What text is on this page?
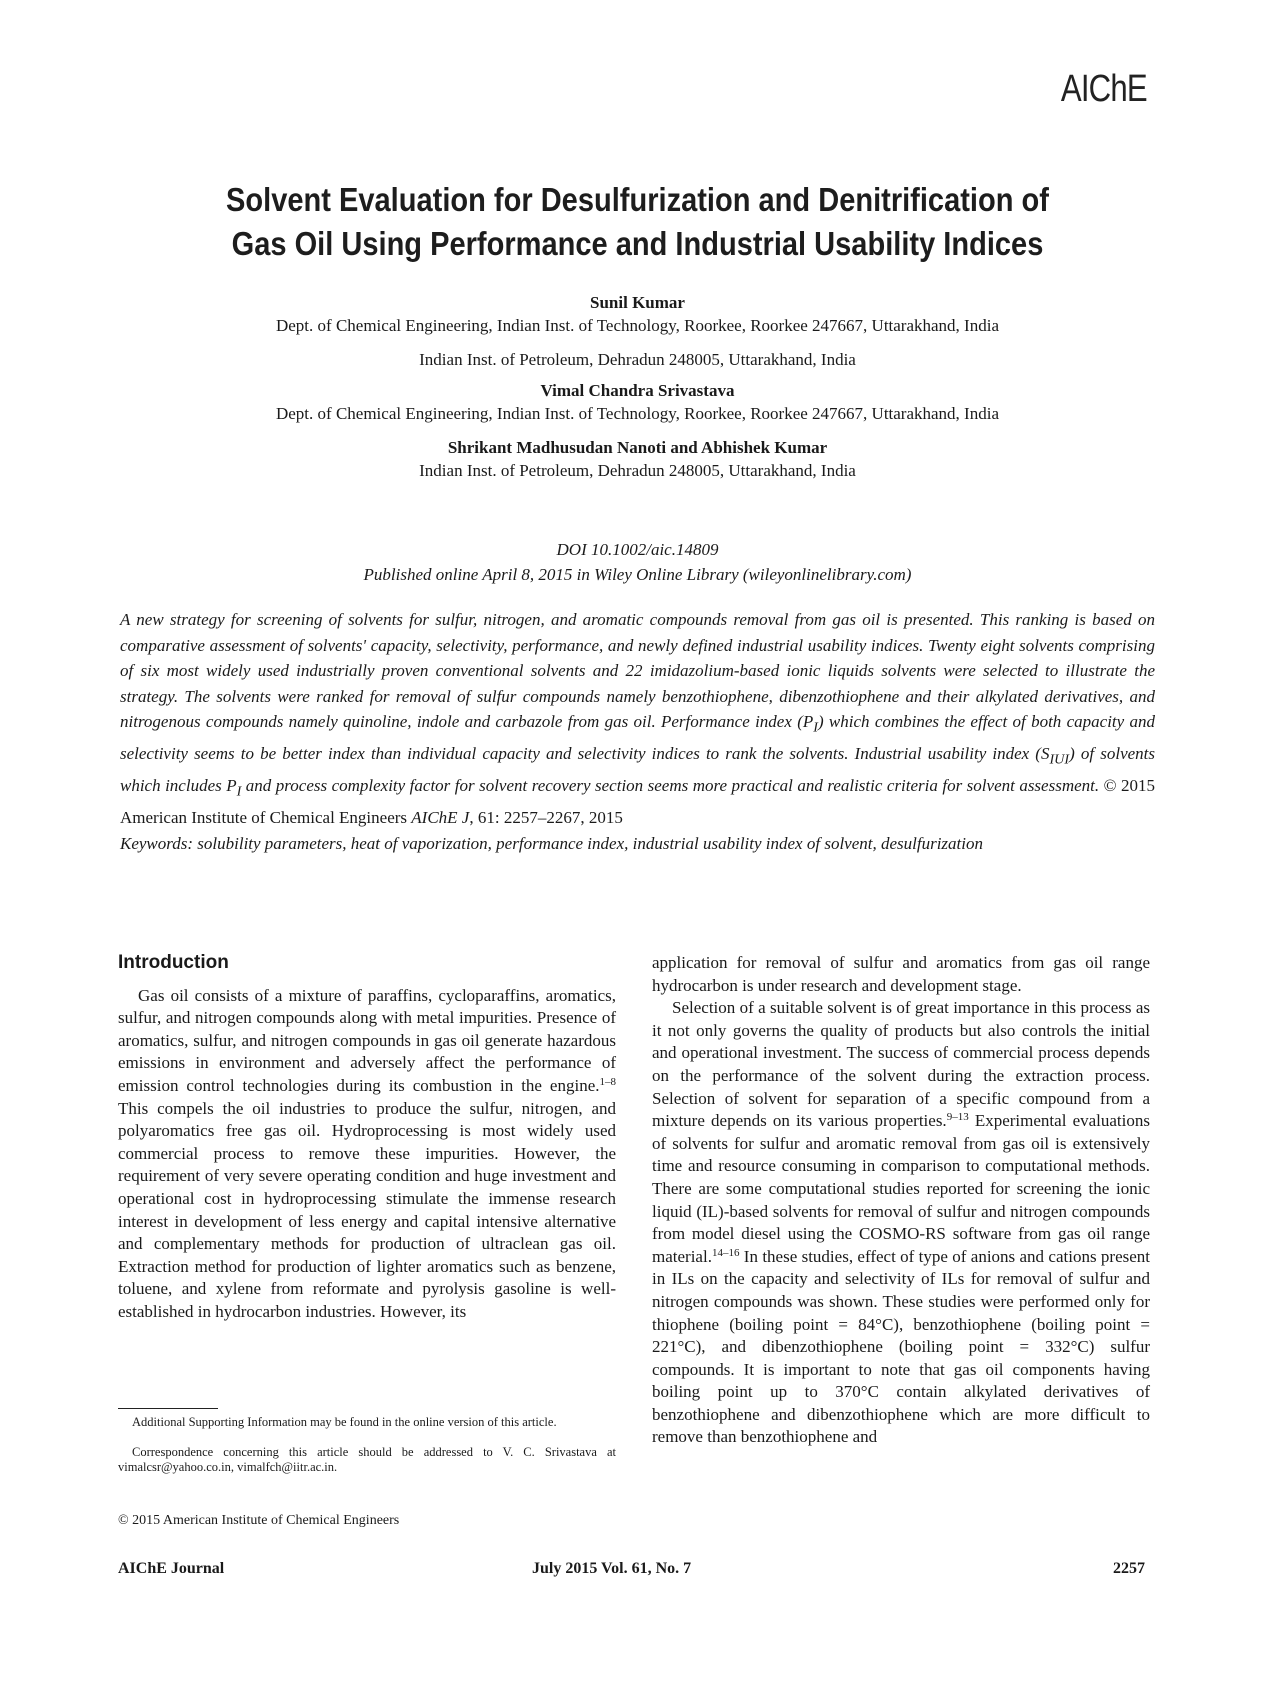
AIChE
Solvent Evaluation for Desulfurization and Denitrification of
Gas Oil Using Performance and Industrial Usability Indices
Sunil Kumar
Dept. of Chemical Engineering, Indian Inst. of Technology, Roorkee, Roorkee 247667, Uttarakhand, India
Indian Inst. of Petroleum, Dehradun 248005, Uttarakhand, India
Vimal Chandra Srivastava
Dept. of Chemical Engineering, Indian Inst. of Technology, Roorkee, Roorkee 247667, Uttarakhand, India
Shrikant Madhusudan Nanoti and Abhishek Kumar
Indian Inst. of Petroleum, Dehradun 248005, Uttarakhand, India
DOI 10.1002/aic.14809
Published online April 8, 2015 in Wiley Online Library (wileyonlinelibrary.com)

A new strategy for screening of solvents for sulfur, nitrogen, and aromatic compounds removal from gas oil is presented. This ranking is based on comparative assessment of solvents' capacity, selectivity, performance, and newly defined industrial usability indices. Twenty eight solvents comprising of six most widely used industrially proven conventional solvents and 22 imidazolium-based ionic liquids solvents were selected to illustrate the strategy. The solvents were ranked for removal of sulfur compounds namely benzothiophene, dibenzothiophene and their alkylated derivatives, and nitrogenous compounds namely quinoline, indole and carbazole from gas oil. Performance index $(P_I)$ which combines the effect of both capacity and selectivity seems to be better index than individual capacity and selectivity indices to rank the solvents. Industrial usability index $(S_{IUI})$ of solvents which includes $P_I$ and process complexity factor for solvent recovery section seems more practical and realistic criteria for solvent assessment. © 2015 American Institute of Chemical Engineers AIChE J, 61: 2257–2267, 2015

Keywords: solubility parameters, heat of vaporization, performance index, industrial usability index of solvent, desulfurization

Introduction

Gas oil consists of a mixture of paraffins, cycloparaffins, aromatics, sulfur, and nitrogen compounds along with metal impurities. Presence of aromatics, sulfur, and nitrogen compounds in gas oil generate hazardous emissions in environment and adversely affect the performance of emission control technologies during its combustion in the engine.$^{1-8}$ This compels the oil industries to produce the sulfur, nitrogen, and polyaromatics free gas oil. Hydroprocessing is most widely used commercial process to remove these impurities. However, the requirement of very severe operating condition and huge investment and operational cost in hydroprocessing stimulate the immense research interest in development of less energy and capital intensive alternative and complementary methods for production of ultraclean gas oil. Extraction method for production of lighter aromatics such as benzene, toluene, and xylene from reformate and pyrolysis gasoline is well-established in hydrocarbon industries. However, its

application for removal of sulfur and aromatics from gas oil range hydrocarbon is under research and development stage.

Selection of a suitable solvent is of great importance in this process as it not only governs the quality of products but also controls the initial and operational investment. The success of commercial process depends on the performance of the solvent during the extraction process. Selection of solvent for separation of a specific compound from a mixture depends on its various properties.$^{9-13}$ Experimental evaluations of solvents for sulfur and aromatic removal from gas oil is extensively time and resource consuming in comparison to computational methods. There are some computational studies reported for screening the ionic liquid (IL)-based solvents for removal of sulfur and nitrogen compounds from model diesel using the COSMO-RS software from gas oil range material.$^{14-16}$ In these studies, effect of type of anions and cations present in ILs on the capacity and selectivity of ILs for removal of sulfur and nitrogen compounds was shown. These studies were performed only for thiophene (boiling point = 84°C), benzothiophene (boiling point = 221°C), and dibenzothiophene (boiling point = 332°C) sulfur compounds. It is important to note that gas oil components having boiling point up to 370°C contain alkylated derivatives of benzothiophene and dibenzothiophene which are more difficult to remove than benzothiophene and

Additional Supporting Information may be found in the online version of this article.

Correspondence concerning this article should be addressed to V. C. Srivastava at vimalcsr@yahoo.co.in, vimalfch@iitr.ac.in.

© 2015 American Institute of Chemical Engineers
AIChE Journal	July 2015 Vol. 61, No. 7	2257
